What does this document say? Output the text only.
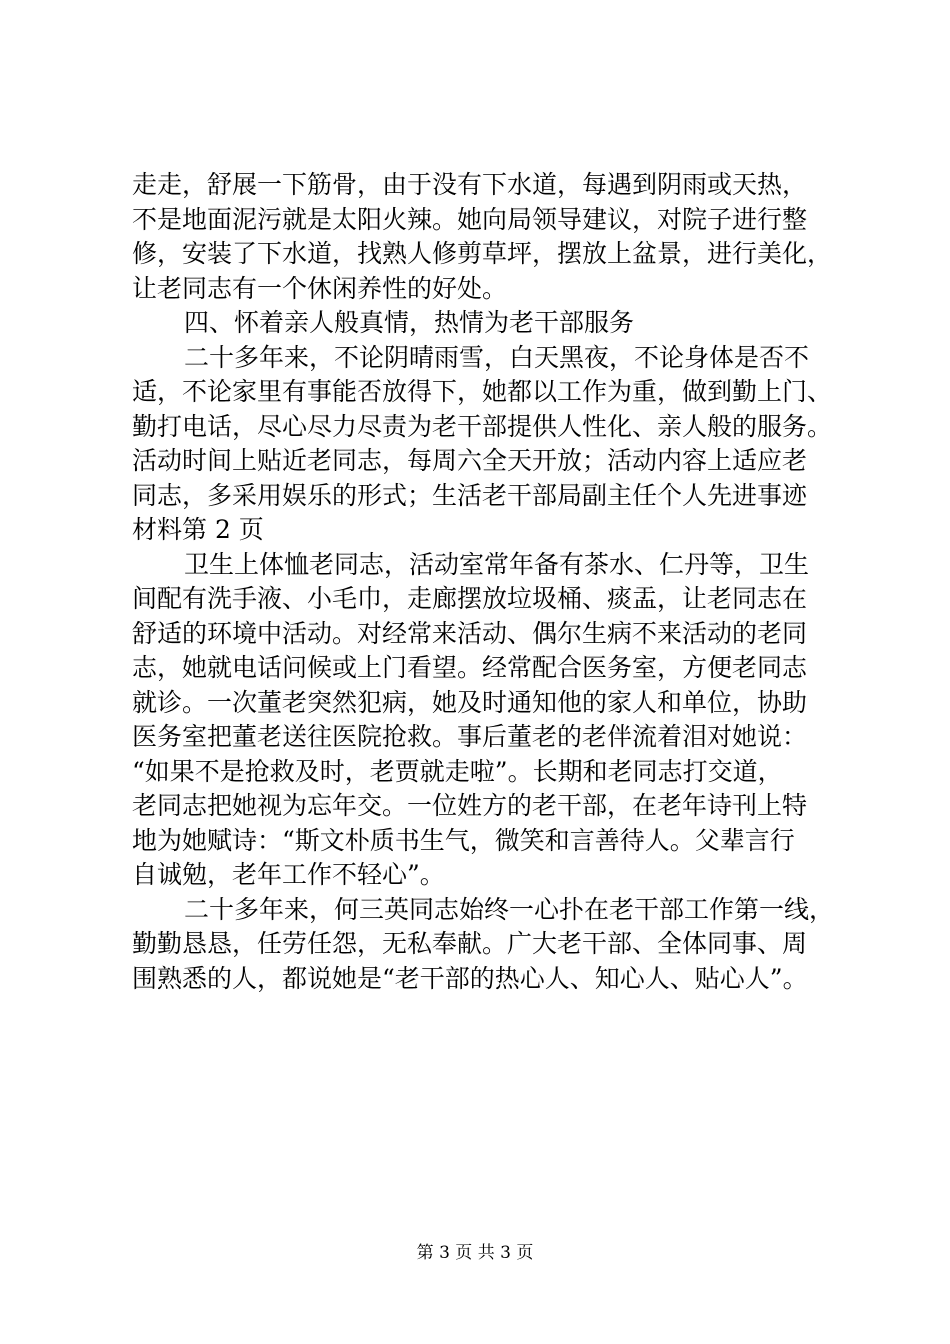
走走，舒展一下筋骨，由于没有下水道，每遇到阴雨或天热，
不是地面泥污就是太阳火辣。她向局领导建议，对院子进行整
修，安装了下水道，找熟人修剪草坪，摆放上盆景，进行美化，
让老同志有一个休闲养性的好处。
四、怀着亲人般真情，热情为老干部服务
二十多年来，不论阴晴雨雪，白天黑夜，不论身体是否不
适，不论家里有事能否放得下，她都以工作为重，做到勤上门、
勤打电话，尽心尽力尽责为老干部提供人性化、亲人般的服务。
活动时间上贴近老同志，每周六全天开放；活动内容上适应老
同志，多采用娱乐的形式；生活老干部局副主任个人先进事迹
材料第 2 页
卫生上体恤老同志，活动室常年备有茶水、仁丹等，卫生
间配有洗手液、小毛巾，走廊摆放垃圾桶、痰盂，让老同志在
舒适的环境中活动。对经常来活动、偶尔生病不来活动的老同
志，她就电话问候或上门看望。经常配合医务室，方便老同志
就诊。一次董老突然犯病，她及时通知他的家人和单位，协助
医务室把董老送往医院抢救。事后董老的老伴流着泪对她说：
“如果不是抢救及时，老贾就走啦”。长期和老同志打交道，
老同志把她视为忘年交。一位姓方的老干部，在老年诗刊上特
地为她赋诗：“斯文朴质书生气，微笑和言善待人。父辈言行
自诚勉，老年工作不轻心”。
二十多年来，何三英同志始终一心扑在老干部工作第一线，
勤勤恳恳，任劳任怨，无私奉献。广大老干部、全体同事、周
围熟悉的人，都说她是“老干部的热心人、知心人、贴心人”。
第 3 页 共 3 页
